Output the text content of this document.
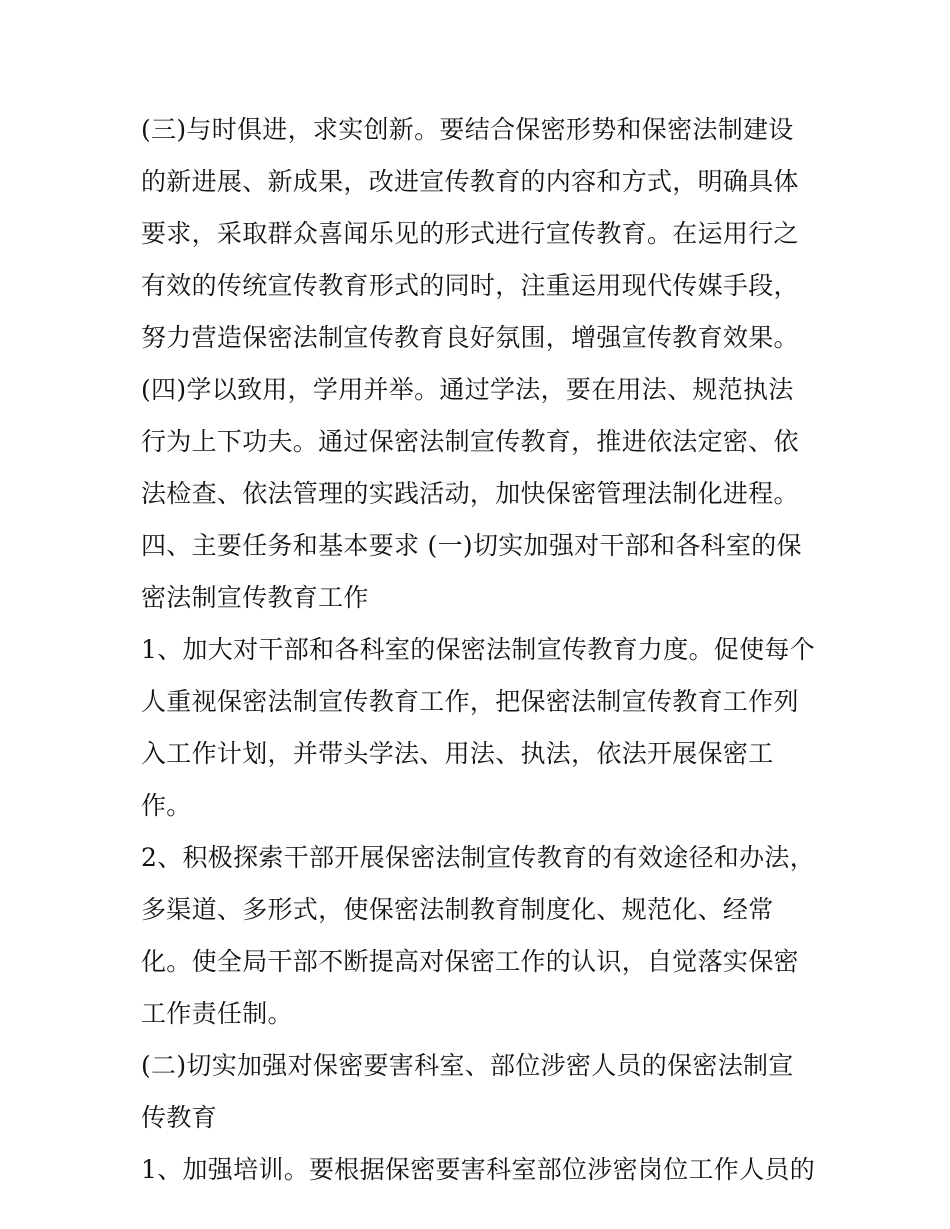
(三)与时俱进，求实创新。要结合保密形势和保密法制建设的新进展、新成果，改进宣传教育的内容和方式，明确具体要求，采取群众喜闻乐见的形式进行宣传教育。在运用行之有效的传统宣传教育形式的同时，注重运用现代传媒手段，努力营造保密法制宣传教育良好氛围，增强宣传教育效果。

(四)学以致用，学用并举。通过学法，要在用法、规范执法行为上下功夫。通过保密法制宣传教育，推进依法定密、依法检查、依法管理的实践活动，加快保密管理法制化进程。

四、主要任务和基本要求 (一)切实加强对干部和各科室的保密法制宣传教育工作

1、加大对干部和各科室的保密法制宣传教育力度。促使每个人重视保密法制宣传教育工作，把保密法制宣传教育工作列入工作计划，并带头学法、用法、执法，依法开展保密工作。

2、积极探索干部开展保密法制宣传教育的有效途径和办法，多渠道、多形式，使保密法制教育制度化、规范化、经常化。使全局干部不断提高对保密工作的认识，自觉落实保密工作责任制。

(二)切实加强对保密要害科室、部位涉密人员的保密法制宣传教育

1、加强培训。要根据保密要害科室部位涉密岗位工作人员的
